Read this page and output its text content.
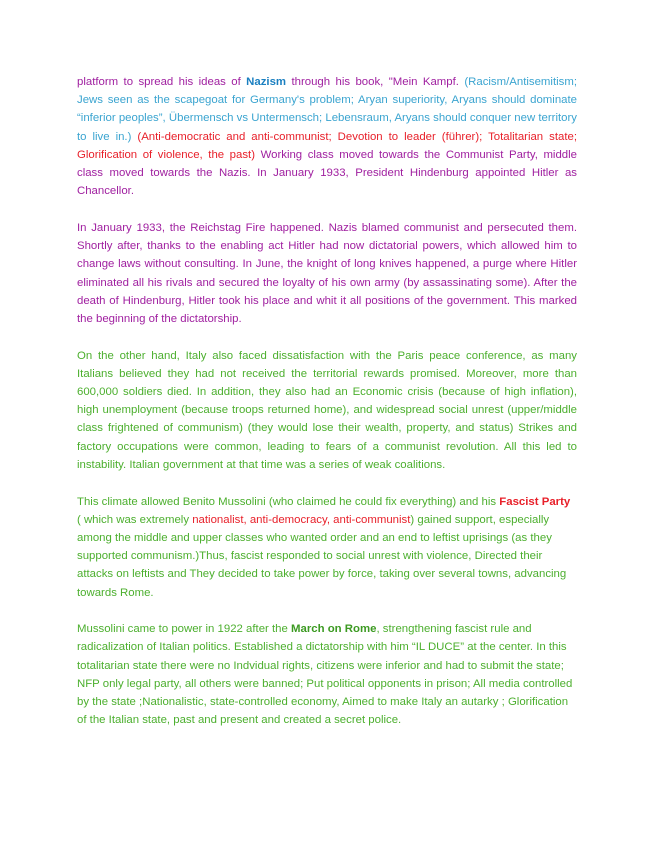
platform to spread his ideas of Nazism through his book, "Mein Kampf. (Racism/Antisemitism; Jews seen as the scapegoat for Germany's problem; Aryan superiority, Aryans should dominate “inferior peoples”, Übermensch vs Untermensch; Lebensraum, Aryans should conquer new territory to live in.) (Anti-democratic and anti-communist; Devotion to leader (führer); Totalitarian state; Glorification of violence, the past) Working class moved towards the Communist Party, middle class moved towards the Nazis. In January 1933, President Hindenburg appointed Hitler as Chancellor.

In January 1933, the Reichstag Fire happened. Nazis blamed communist and persecuted them. Shortly after, thanks to the enabling act Hitler had now dictatorial powers, which allowed him to change laws without consulting. In June, the knight of long knives happened, a purge where Hitler eliminated all his rivals and secured the loyalty of his own army (by assassinating some). After the death of Hindenburg, Hitler took his place and whit it all positions of the government. This marked the beginning of the dictatorship.

On the other hand, Italy also faced dissatisfaction with the Paris peace conference, as many Italians believed they had not received the territorial rewards promised. Moreover, more than 600,000 soldiers died. In addition, they also had an Economic crisis (because of high inflation), high unemployment (because troops returned home), and widespread social unrest (upper/middle class frightened of communism) (they would lose their wealth, property, and status) Strikes and factory occupations were common, leading to fears of a communist revolution. All this led to instability. Italian government at that time was a series of weak coalitions.

This climate allowed Benito Mussolini (who claimed he could fix everything) and his Fascist Party ( which was extremely nationalist, anti-democracy, anti-communist) gained support, especially among the middle and upper classes who wanted order and an end to leftist uprisings (as they supported communism.)Thus, fascist responded to social unrest with violence, Directed their attacks on leftists and They decided to take power by force, taking over several towns, advancing towards Rome.

Mussolini came to power in 1922 after the March on Rome, strengthening fascist rule and radicalization of Italian politics. Established a dictatorship with him “IL DUCE” at the center. In this totalitarian state there were no Indvidual rights, citizens were inferior and had to submit the state; NFP only legal party, all others were banned; Put political opponents in prison; All media controlled by the state ;Nationalistic, state-controlled economy, Aimed to make Italy an autarky ; Glorification of the Italian state, past and present and created a secret police.
